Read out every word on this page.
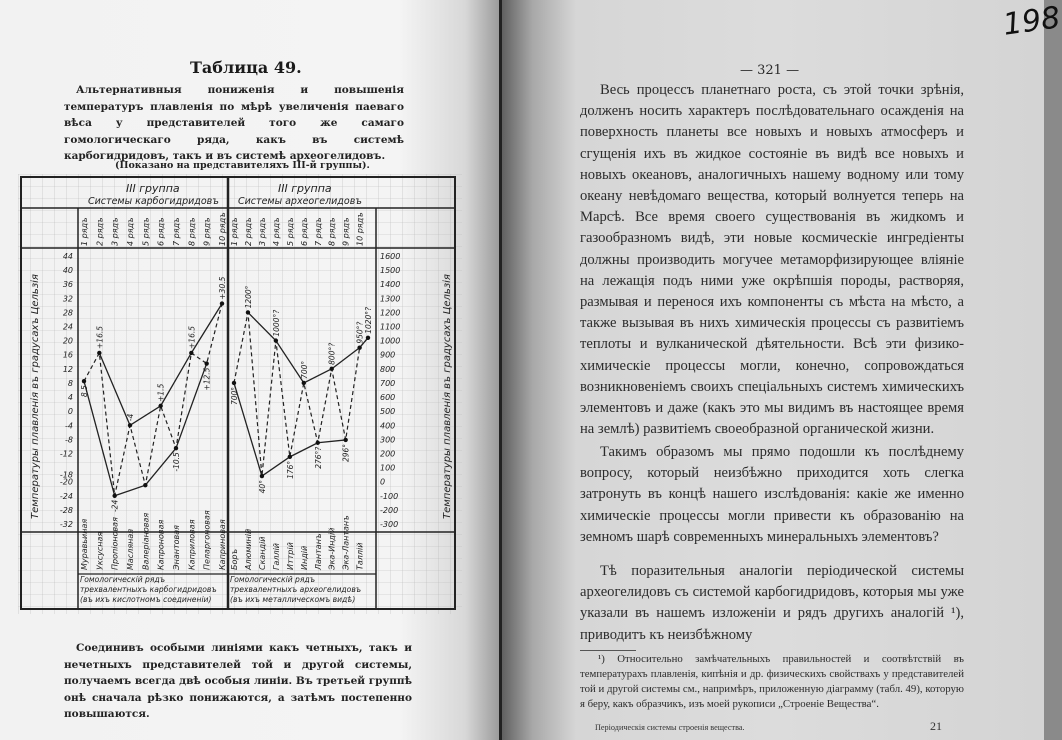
Таблица 49.
Альтернативныя пониженія и повышенія температуръ плавленія по мѣрѣ увеличенія паеваго вѣса у представителей того же самаго гомологическаго ряда, какъ въ системѣ карбогидридовъ, такъ и въ системѣ археогелидовъ.
(Показано на представителяхъ III-й группы).
III группа
Системы карбогидридовъ
III группа
Системы археогелидовъ
1 рядъ 2 рядъ 3 рядъ 4 рядъ 5 рядъ 6 рядъ 7 рядъ 8 рядъ 9 рядъ 10 рядъ 1 рядъ 2 рядъ 3 рядъ 4 рядъ 5 рядъ 6 рядъ 7 рядъ 8 рядъ 9 рядъ 10 рядъ
44
40
36
32
28
24
20
16
12
8
4
0
-4
-8
-12
-18
-20
-24
-28
-32
1600
1500
1400
1300
1200
1100
1000
900
800
700
600
500
400
300
200
100
0
-100
-200
-300
Температуры плавленія въ градусахъ Цельзія	Температуры плавленія въ градусахъ Цельзія
8.5
+16.5
-24
-4
+1.5
-10.5
+16.5
+12.5
+30.5
700°
1200°
40°
1000°?
176°
700°
276°?
800°?
296°
950°? 1020°?
Муравьиная Уксусная Пропіоновая Масляная Валеріановая Капроновая Энантовая Каприловая Пеларгоновая Каприновая Боръ Алюминій Скандій Галлій Иттрій Индій Лантанъ Эка-Индій Эка-Лантанъ Таллій
Гомологическій рядъ трехвалентныхъ карбогидридовъ (въ ихъ кислотномъ соединеніи)
Гомологическій рядъ трехвалентныхъ археогелидовъ (въ ихъ металлическомъ видѣ)
Соединивъ особыми линіями какъ четныхъ, такъ и нечетныхъ представителей той и другой системы, получаемъ всегда двѣ особыя линіи. Въ третьей группѣ онѣ сначала рѣзко понижаются, а затѣмъ постепенно повышаются.
— 321 —
198

Весь процессъ планетнаго роста, съ этой точки зрѣнія, долженъ носить характеръ послѣдовательнаго осажденія на поверхность планеты все новыхъ и новыхъ атмосферъ и сгущенія ихъ въ жидкое состояніе въ видѣ все новыхъ и новыхъ океановъ, аналогичныхъ нашему водному или тому океану невѣдомаго вещества, который волнуется теперь на Марсѣ. Все время своего существованія въ жидкомъ и газообразномъ видѣ, эти новые космическіе ингредіенты должны производить могучее метаморфизирующее вліяніе на лежащія подъ ними уже окрѣпшія породы, растворяя, размывая и перенося ихъ компоненты съ мѣста на мѣсто, а также вызывая въ нихъ химическія процессы съ развитіемъ теплоты и вулканической дѣятельности. Всѣ эти физико-химическіе процессы могли, конечно, сопровождаться возникновеніемъ своихъ спеціальныхъ системъ химическихъ элементовъ и даже (какъ это мы видимъ въ настоящее время на землѣ) развитіемъ своеобразной органической жизни.

Такимъ образомъ мы прямо подошли къ послѣднему вопросу, который неизбѣжно приходится хоть слегка затронуть въ концѣ нашего изслѣдованія: какіе же именно химическіе процессы могли привести къ образованію на земномъ шарѣ современныхъ минеральныхъ элементовъ?

Тѣ поразительныя аналогіи періодической системы археогелидовъ съ системой карбогидридовъ, которыя мы уже указали въ нашемъ изложеніи и рядъ другихъ аналогій ¹), приводитъ къ неизбѣжному

¹) Относительно замѣчательныхъ правильностей и соотвѣтствій въ температурахъ плавленія, кипѣнія и др. физическихъ свойствахъ у представителей той и другой системы см., напримѣръ, приложенную діаграмму (табл. 49), которую я беру, какъ образчикъ, изъ моей рукописи „Строеніе Вещества“.
Періодическія системы строенія вещества.	21
